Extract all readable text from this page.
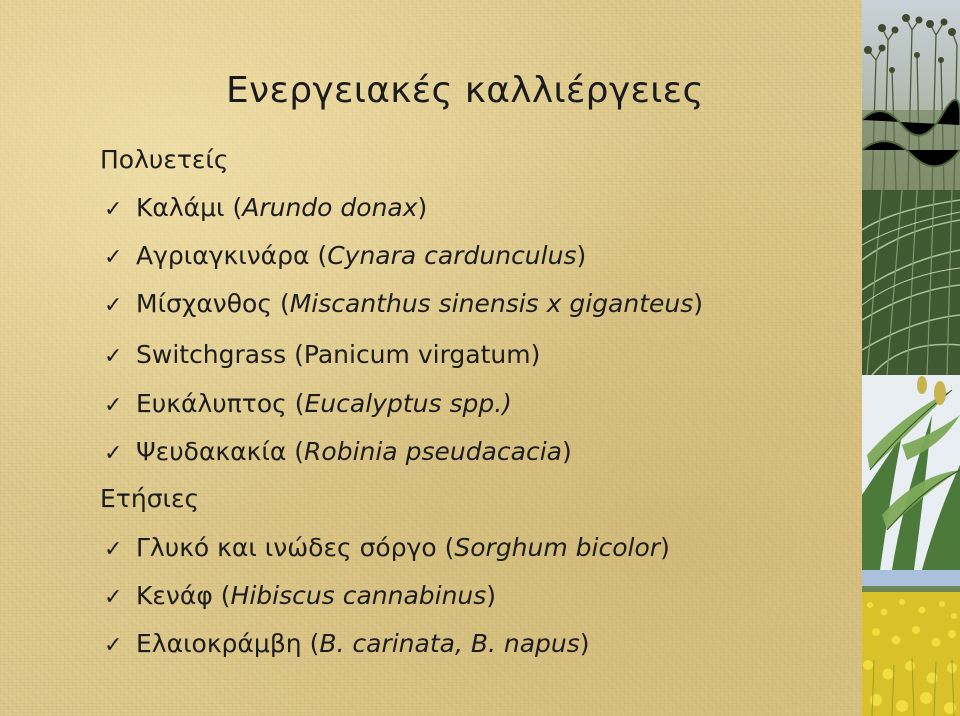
Ενεργειακές καλλιέργειες
Πολυετείς
✓ Καλάμι ( Arundo donax )
✓ Αγριαγκινάρα ( Cynara cardunculus )
✓ Μίσχανθος ( Miscanthus sinensis x giganteus )
✓ Switchgrass
(Panicum virgatum)
✓ Ευκάλυπτος ( Eucalyptus spp.)
✓ Ψευδακακία ( Robinia pseudacacia )
Ετήσιες
✓ Γλυκό και ινώδες σόργο ( Sorghum bicolor )
✓ Κενάφ ( Hibiscus cannabinus )
✓ Ελαιοκράμβη ( B. carinata, B. napus )
